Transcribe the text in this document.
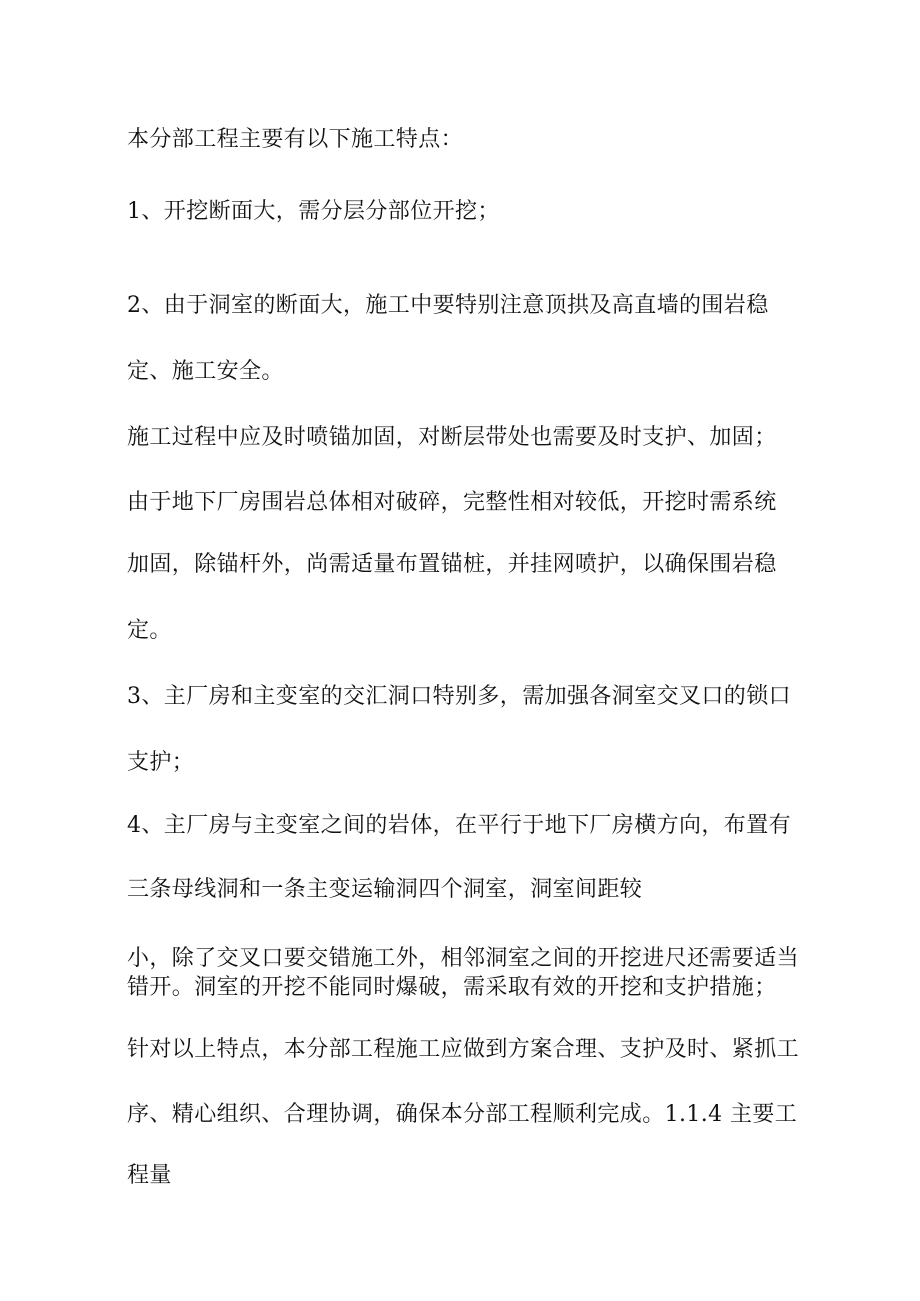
本分部工程主要有以下施工特点：
1、开挖断面大，需分层分部位开挖；
2、由于洞室的断面大，施工中要特别注意顶拱及高直墙的围岩稳
定、施工安全。
施工过程中应及时喷锚加固，对断层带处也需要及时支护、加固；
由于地下厂房围岩总体相对破碎，完整性相对较低，开挖时需系统
加固，除锚杆外，尚需适量布置锚桩，并挂网喷护，以确保围岩稳
定。
3、主厂房和主变室的交汇洞口特别多，需加强各洞室交叉口的锁口
支护；
4、主厂房与主变室之间的岩体，在平行于地下厂房横方向，布置有
三条母线洞和一条主变运输洞四个洞室，洞室间距较
小，除了交叉口要交错施工外，相邻洞室之间的开挖进尺还需要适当
错开。洞室的开挖不能同时爆破，需采取有效的开挖和支护措施；
针对以上特点，本分部工程施工应做到方案合理、支护及时、紧抓工
序、精心组织、合理协调，确保本分部工程顺利完成。1.1.4 主要工
程量
